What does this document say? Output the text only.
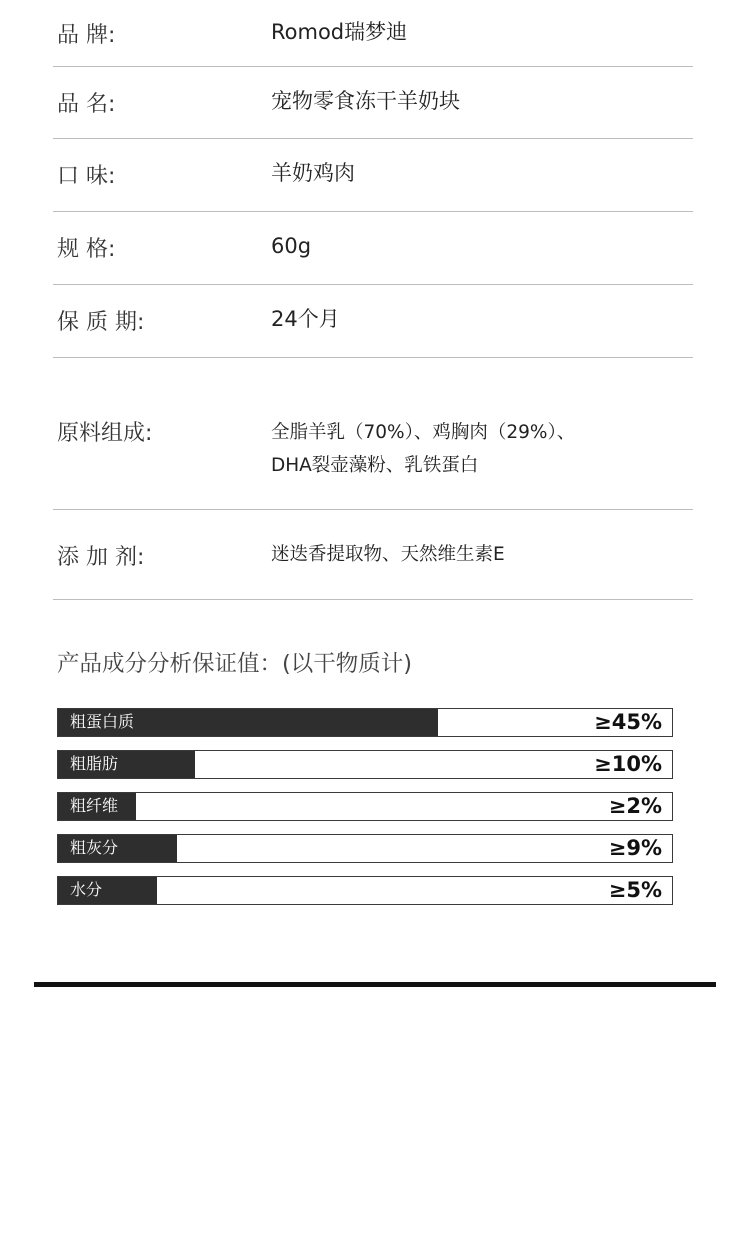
品 牌:	Romod瑞梦迪
品 名:	宠物零食冻干羊奶块
口 味:	羊奶鸡肉
规 格:	60g
保 质 期:	24个月
原料组成:	全脂羊乳（70%）、鸡胸肉（29%）、
DHA裂壶藻粉、乳铁蛋白
添 加 剂:	迷迭香提取物、天然维生素E
产品成分分析保证值：(以干物质计)
粗蛋白质	≥45%
粗脂肪	≥10%
粗纤维	≥2%
粗灰分	≥9%
水分	≥5%
